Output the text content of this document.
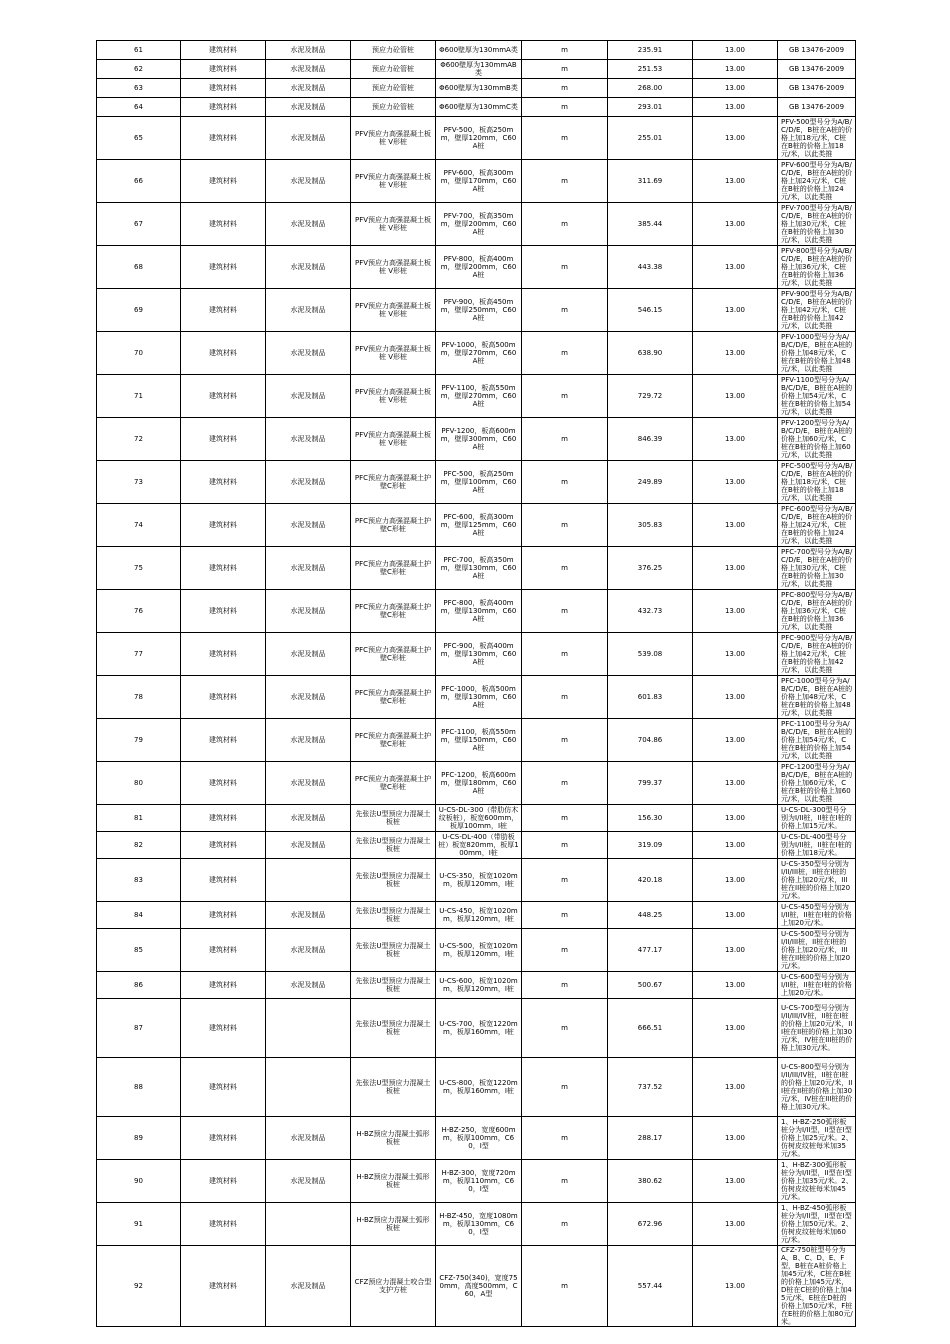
61	建筑材料	水泥及制品	预应力砼管桩	Φ600壁厚为130mmA类	m	235.91	13.00	GB 13476-2009
62	建筑材料	水泥及制品	预应力砼管桩	Φ600壁厚为130mmAB类	m	251.53	13.00	GB 13476-2009
63	建筑材料	水泥及制品	预应力砼管桩	Φ600壁厚为130mmB类	m	268.00	13.00	GB 13476-2009
64	建筑材料	水泥及制品	预应力砼管桩	Φ600壁厚为130mmC类	m	293.01	13.00	GB 13476-2009
65	建筑材料	水泥及制品	PFV预应力高强混凝土板桩 V形桩	PFV-500，板高250mm，壁厚120mm，C60 A桩	m	255.01	13.00	PFV-500型号分为A/B/C/D/E，B桩在A桩的价格上加18元/米，C桩在B桩的价格上加18元/米，以此类推
66	建筑材料	水泥及制品	PFV预应力高强混凝土板桩 V形桩	PFV-600，板高300mm，壁厚170mm，C60 A桩	m	311.69	13.00	PFV-600型号分为A/B/C/D/E，B桩在A桩的价格上加24元/米，C桩在B桩的价格上加24元/米，以此类推
67	建筑材料	水泥及制品	PFV预应力高强混凝土板桩 V形桩	PFV-700，板高350mm，壁厚200mm，C60 A桩	m	385.44	13.00	PFV-700型号分为A/B/C/D/E，B桩在A桩的价格上加30元/米，C桩在B桩的价格上加30元/米，以此类推
68	建筑材料	水泥及制品	PFV预应力高强混凝土板桩 V形桩	PFV-800，板高400mm，壁厚200mm，C60 A桩	m	443.38	13.00	PFV-800型号分为A/B/C/D/E，B桩在A桩的价格上加36元/米，C桩在B桩的价格上加36元/米，以此类推
69	建筑材料	水泥及制品	PFV预应力高强混凝土板桩 V形桩	PFV-900，板高450mm，壁厚250mm，C60 A桩	m	546.15	13.00	PFV-900型号分为A/B/C/D/E，B桩在A桩的价格上加42元/米，C桩在B桩的价格上加42元/米，以此类推
70	建筑材料	水泥及制品	PFV预应力高强混凝土板桩 V形桩	PFV-1000，板高500mm，壁厚270mm，C60 A桩	m	638.90	13.00	PFV-1000型号分为A/B/C/D/E，B桩在A桩的价格上加48元/米，C桩在B桩的价格上加48元/米，以此类推
71	建筑材料	水泥及制品	PFV预应力高强混凝土板桩 V形桩	PFV-1100，板高550mm，壁厚270mm，C60 A桩	m	729.72	13.00	PFV-1100型号分为A/B/C/D/E，B桩在A桩的价格上加54元/米，C桩在B桩的价格上加54元/米，以此类推
72	建筑材料	水泥及制品	PFV预应力高强混凝土板桩 V形桩	PFV-1200，板高600mm，壁厚300mm，C60 A桩	m	846.39	13.00	PFV-1200型号分为A/B/C/D/E，B桩在A桩的价格上加60元/米，C桩在B桩的价格上加60元/米，以此类推
73	建筑材料	水泥及制品	PFC预应力高强混凝土护壁C形桩	PFC-500，板高250mm，壁厚100mm，C60 A桩	m	249.89	13.00	PFC-500型号分为A/B/C/D/E，B桩在A桩的价格上加18元/米，C桩在B桩的价格上加18元/米，以此类推
74	建筑材料	水泥及制品	PFC预应力高强混凝土护壁C形桩	PFC-600，板高300mm，壁厚125mm，C60 A桩	m	305.83	13.00	PFC-600型号分为A/B/C/D/E，B桩在A桩的价格上加24元/米，C桩在B桩的价格上加24元/米，以此类推
75	建筑材料	水泥及制品	PFC预应力高强混凝土护壁C形桩	PFC-700，板高350mm，壁厚130mm，C60 A桩	m	376.25	13.00	PFC-700型号分为A/B/C/D/E，B桩在A桩的价格上加30元/米，C桩在B桩的价格上加30元/米，以此类推
76	建筑材料	水泥及制品	PFC预应力高强混凝土护壁C形桩	PFC-800，板高400mm，壁厚130mm，C60 A桩	m	432.73	13.00	PFC-800型号分为A/B/C/D/E，B桩在A桩的价格上加36元/米，C桩在B桩的价格上加36元/米，以此类推
77	建筑材料	水泥及制品	PFC预应力高强混凝土护壁C形桩	PFC-900，板高400mm，壁厚130mm，C60 A桩	m	539.08	13.00	PFC-900型号分为A/B/C/D/E，B桩在A桩的价格上加42元/米，C桩在B桩的价格上加42元/米，以此类推
78	建筑材料	水泥及制品	PFC预应力高强混凝土护壁C形桩	PFC-1000，板高500mm，壁厚130mm，C60 A桩	m	601.83	13.00	PFC-1000型号分为A/B/C/D/E，B桩在A桩的价格上加48元/米，C桩在B桩的价格上加48元/米，以此类推
79	建筑材料	水泥及制品	PFC预应力高强混凝土护壁C形桩	PFC-1100，板高550mm，壁厚150mm，C60 A桩	m	704.86	13.00	PFC-1100型号分为A/B/C/D/E，B桩在A桩的价格上加54元/米，C桩在B桩的价格上加54元/米，以此类推
80	建筑材料	水泥及制品	PFC预应力高强混凝土护壁C形桩	PFC-1200，板高600mm，壁厚180mm，C60 A桩	m	799.37	13.00	PFC-1200型号分为A/B/C/D/E，B桩在A桩的价格上加60元/米，C桩在B桩的价格上加60元/米，以此类推
81	建筑材料	水泥及制品	先张法U型预应力混凝土板桩	U-CS-DL-300（带肋仿木纹板桩），板宽600mm，板厚100mm，I桩	m	156.30	13.00	U-CS-DL-300型号分别为I/II桩，II桩在I桩的价格上加15元/米。
82	建筑材料	水泥及制品	先张法U型预应力混凝土板桩	U-CS-DL-400（带肋板桩）板宽820mm，板厚100mm，I桩	m	319.09	13.00	U-CS-DL-400型号分别为I/II桩，II桩在I桩的价格上加18元/米。
83	建筑材料		先张法U型预应力混凝土板桩	U-CS-350，板宽1020mm，板厚120mm，I桩	m	420.18	13.00	U-CS-350型号分别为I/II/III桩，II桩在I桩的价格上加20元/米，III桩在II桩的价格上加20元/米。
84	建筑材料	水泥及制品	先张法U型预应力混凝土板桩	U-CS-450，板宽1020mm，板厚120mm，I桩	m	448.25	13.00	U-CS-450型号分别为I/II桩，II桩在I桩的价格上加20元/米。
85	建筑材料	水泥及制品	先张法U型预应力混凝土板桩	U-CS-500，板宽1020mm，板厚120mm，I桩	m	477.17	13.00	U-CS-500型号分别为I/II/III桩，II桩在I桩的价格上加20元/米，III桩在II桩的价格上加20元/米。
86	建筑材料	水泥及制品	先张法U型预应力混凝土板桩	U-CS-600，板宽1020mm，板厚120mm，I桩	m	500.67	13.00	U-CS-600型号分别为I/II桩，II桩在I桩的价格上加20元/米。
87	建筑材料		先张法U型预应力混凝土板桩	U-CS-700，板宽1220mm，板厚160mm，I桩	m	666.51	13.00	U-CS-700型号分别为I/II/III/IV桩，II桩在I桩的价格上加20元/米，III桩在II桩的价格上加30元/米，IV桩在III桩的价格上加30元/米。
88	建筑材料		先张法U型预应力混凝土板桩	U-CS-800，板宽1220mm，板厚160mm，I桩	m	737.52	13.00	U-CS-800型号分别为I/II/III/IV桩，II桩在I桩的价格上加20元/米，III桩在II桩的价格上加30元/米，IV桩在III桩的价格上加30元/米。
89	建筑材料	水泥及制品	H-BZ预应力混凝土弧形板桩	H-BZ-250，宽度600mm，板厚100mm，C60，I型	m	288.17	13.00	1、H-BZ-250弧形板桩分为I/II型，II型在I型价格上加25元/米。2、仿树皮纹桩每米加35元/米。
90	建筑材料	水泥及制品	H-BZ预应力混凝土弧形板桩	H-BZ-300，宽度720mm，板厚110mm，C60，I型	m	380.62	13.00	1、H-BZ-300弧形板桩分为I/II型，II型在I型价格上加35元/米。2、仿树皮纹桩每米加45元/米。
91	建筑材料		H-BZ预应力混凝土弧形板桩	H-BZ-450，宽度1080mm，板厚130mm，C60，I型	m	672.96	13.00	1、H-BZ-450弧形板桩分为I/II型，II型在I型价格上加50元/米。2、仿树皮纹桩每米加60元/米。
92	建筑材料	水泥及制品	CFZ预应力混凝土咬合型支护方桩	CFZ-750(340)，宽度750mm，高度500mm，C60，A型	m	557.44	13.00	CFZ-750桩型号分为A、B、C、D、E、F型，B桩在A桩价格上加45元/米，C桩在B桩的价格上加45元/米，D桩在C桩的价格上加45元/米，E桩在D桩的价格上加50元/米，F桩在E桩的价格上加80元/米。
